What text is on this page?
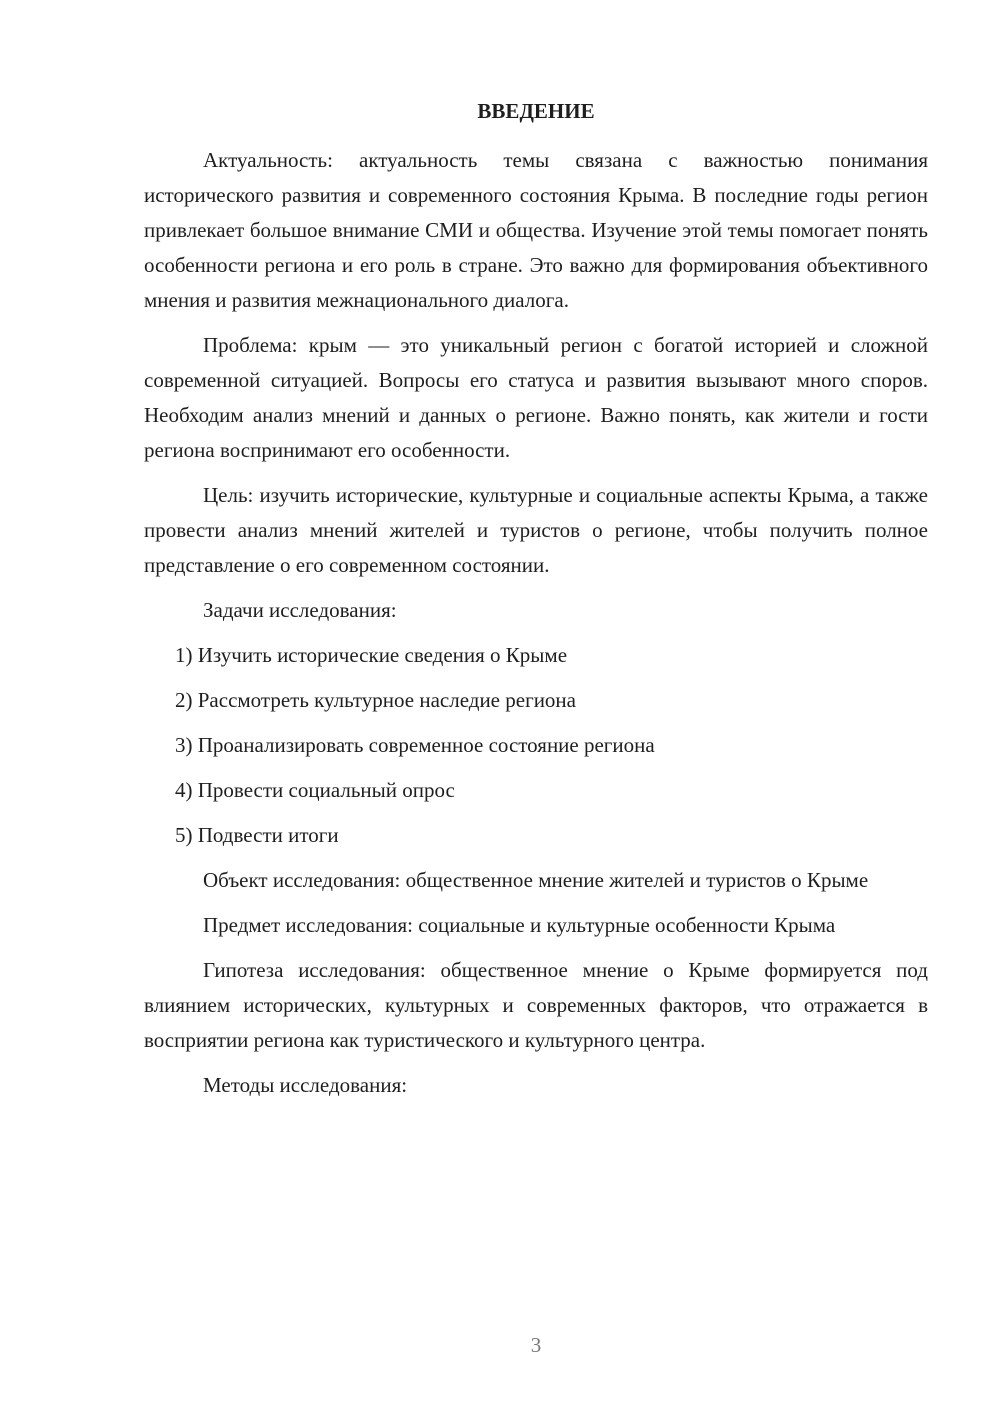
ВВЕДЕНИЕ

Актуальность: актуальность темы связана с важностью понимания исторического развития и современного состояния Крыма. В последние годы регион привлекает большое внимание СМИ и общества. Изучение этой темы помогает понять особенности региона и его роль в стране. Это важно для формирования объективного мнения и развития межнационального диалога.

Проблема: крым — это уникальный регион с богатой историей и сложной современной ситуацией. Вопросы его статуса и развития вызывают много споров. Необходим анализ мнений и данных о регионе. Важно понять, как жители и гости региона воспринимают его особенности.

Цель: изучить исторические, культурные и социальные аспекты Крыма, а также провести анализ мнений жителей и туристов о регионе, чтобы получить полное представление о его современном состоянии.

Задачи исследования:

1) Изучить исторические сведения о Крыме

2) Рассмотреть культурное наследие региона

3) Проанализировать современное состояние региона

4) Провести социальный опрос

5) Подвести итоги

Объект исследования: общественное мнение жителей и туристов о Крыме

Предмет исследования: социальные и культурные особенности Крыма

Гипотеза исследования: общественное мнение о Крыме формируется под влиянием исторических, культурных и современных факторов, что отражается в восприятии региона как туристического и культурного центра.

Методы исследования:

3
